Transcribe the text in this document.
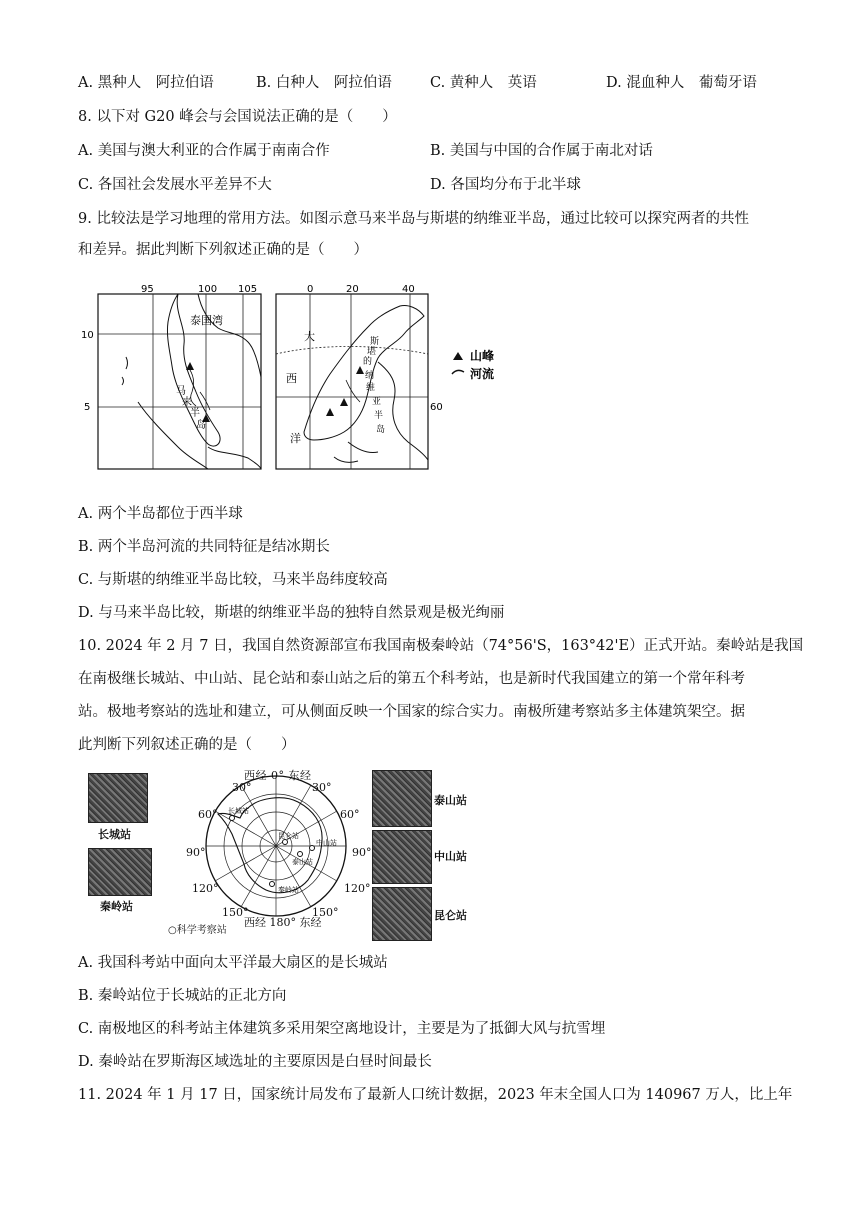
A. 黑种人　阿拉伯语	B. 白种人　阿拉伯语	C. 黄种人　英语	D. 混血种人　葡萄牙语
8. 以下对 G20 峰会与会国说法正确的是（　　）
A. 美国与澳大利亚的合作属于南南合作	B. 美国与中国的合作属于南北对话
C. 各国社会发展水平差异不大	D. 各国均分布于北半球
9. 比较法是学习地理的常用方法。如图示意马来半岛与斯堪的纳维亚半岛，通过比较可以探究两者的共性
和差异。据此判断下列叙述正确的是（　　）
95	100 105
10
5
泰国湾
马
来
半
岛
0	20	40
60
大
西
洋
斯
堪
的
纳
维
亚
半
岛
山峰
河流
A. 两个半岛都位于西半球
B. 两个半岛河流的共同特征是结冰期长
C. 与斯堪的纳维亚半岛比较，马来半岛纬度较高
D. 与马来半岛比较，斯堪的纳维亚半岛的独特自然景观是极光绚丽
10. 2024 年 2 月 7 日，我国自然资源部宣布我国南极秦岭站（74°56'S，163°42'E）正式开站。秦岭站是我国
在南极继长城站、中山站、昆仑站和泰山站之后的第五个科考站，也是新时代我国建立的第一个常年科考
站。极地考察站的选址和建立，可从侧面反映一个国家的综合实力。南极所建考察站多主体建筑架空。据
此判断下列叙述正确的是（　　）
长城站
秦岭站
泰山站
中山站
昆仑站
长城站
昆仑站
泰山站
中山站
秦岭站
西经 0° 东经
30°	30°
60°	60°
90°	90°
120°	120°
150°	150°
西经 180° 东经
○科学考察站
A. 我国科考站中面向太平洋最大扇区的是长城站
B. 秦岭站位于长城站的正北方向
C. 南极地区的科考站主体建筑多采用架空离地设计，主要是为了抵御大风与抗雪埋
D. 秦岭站在罗斯海区域选址的主要原因是白昼时间最长
11. 2024 年 1 月 17 日，国家统计局发布了最新人口统计数据，2023 年末全国人口为 140967 万人，比上年
